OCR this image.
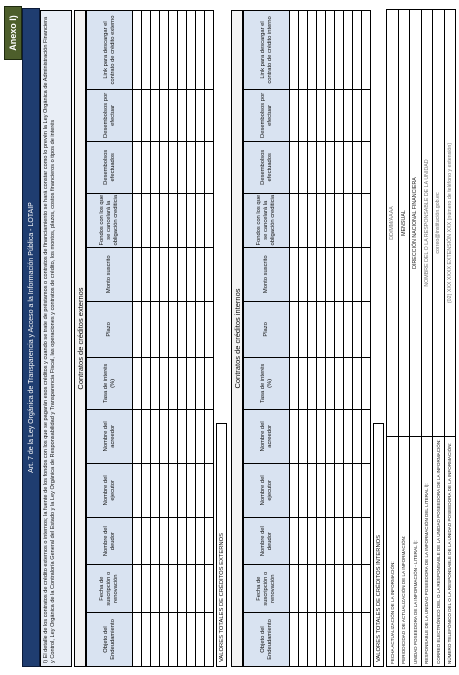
Anexo l)
Art. 7 de la Ley Orgánica de Transparencia y Acceso a la Información Pública - LOTAIP	l) El detalle de los contratos de crédito externos o internos; la fuente de los fondos con los que se pagarán esos créditos y cuando se trate de préstamos o contratos de financiamiento se hará constar como lo prevén la Ley Orgánica de Administración Financiera y Control, Ley Orgánica de la Contraloría General del Estado y la Ley Orgánica de Responsabilidad y Transparencia Fiscal, las operaciones y contratos de crédito, los montos, plazos, costos financieros o tipos de interés	Contratos de créditos externos
Objeto del Endeudamiento	Fecha de suscripción o renovación	Nombre del deudor	Nombre del ejecutor	Nombre del acreedor	Tasa de interés (%)	Plazo	Monto suscrito	Fondos con los que se cancelará la obligación crediticia	Desembolsos efectuados	Desembolsos por efectuar	Link para descargar el contrato de crédito externo

VALORES TOTALES DE CRÉDITOS EXTERNOS
Contratos de créditos internos
Objeto del Endeudamiento	Fecha de suscripción o renovación	Nombre del deudor	Nombre del ejecutor	Nombre del acreedor	Tasa de interés (%)	Plazo	Monto suscrito	Fondos con los que se cancelará la obligación crediticia	Desembolsos efectuados	Desembolsos por efectuar	Link para descargar el contrato de crédito interno

VALORES TOTALES DE CRÉDITOS INTERNOS	FECHA ACTUALIZACIÓN DE LA INFORMACIÓN:	DD/MM/AAAA
PERIODICIDAD DE ACTUALIZACIÓN DE LA INFORMACIÓN:	MENSUAL
UNIDAD POSEEDORA DE LA INFORMACIÓN - LITERAL l):	DIRECCIÓN NACIONAL FINANCIERA
RESPONSABLE DE LA UNIDAD POSEEDORA DE LA INFORMACIÓN DEL LITERAL l):	NOMBRE DEL O LA RESPONSABLE DE LA UNIDAD
CORREO ELECTRÓNICO DEL O LA RESPONSABLE DE LA UNIDAD POSEEDORA DE LA INFORMACIÓN:	correo@institución.gob.ec
NÚMERO TELEFÓNICO DEL O LA RESPONSABLE DE LA UNIDAD POSEEDORA DE LA INFORMACIÓN:	(02) XXX XXXX EXTENSIÓN XXX (número de teléfono y extensión)
